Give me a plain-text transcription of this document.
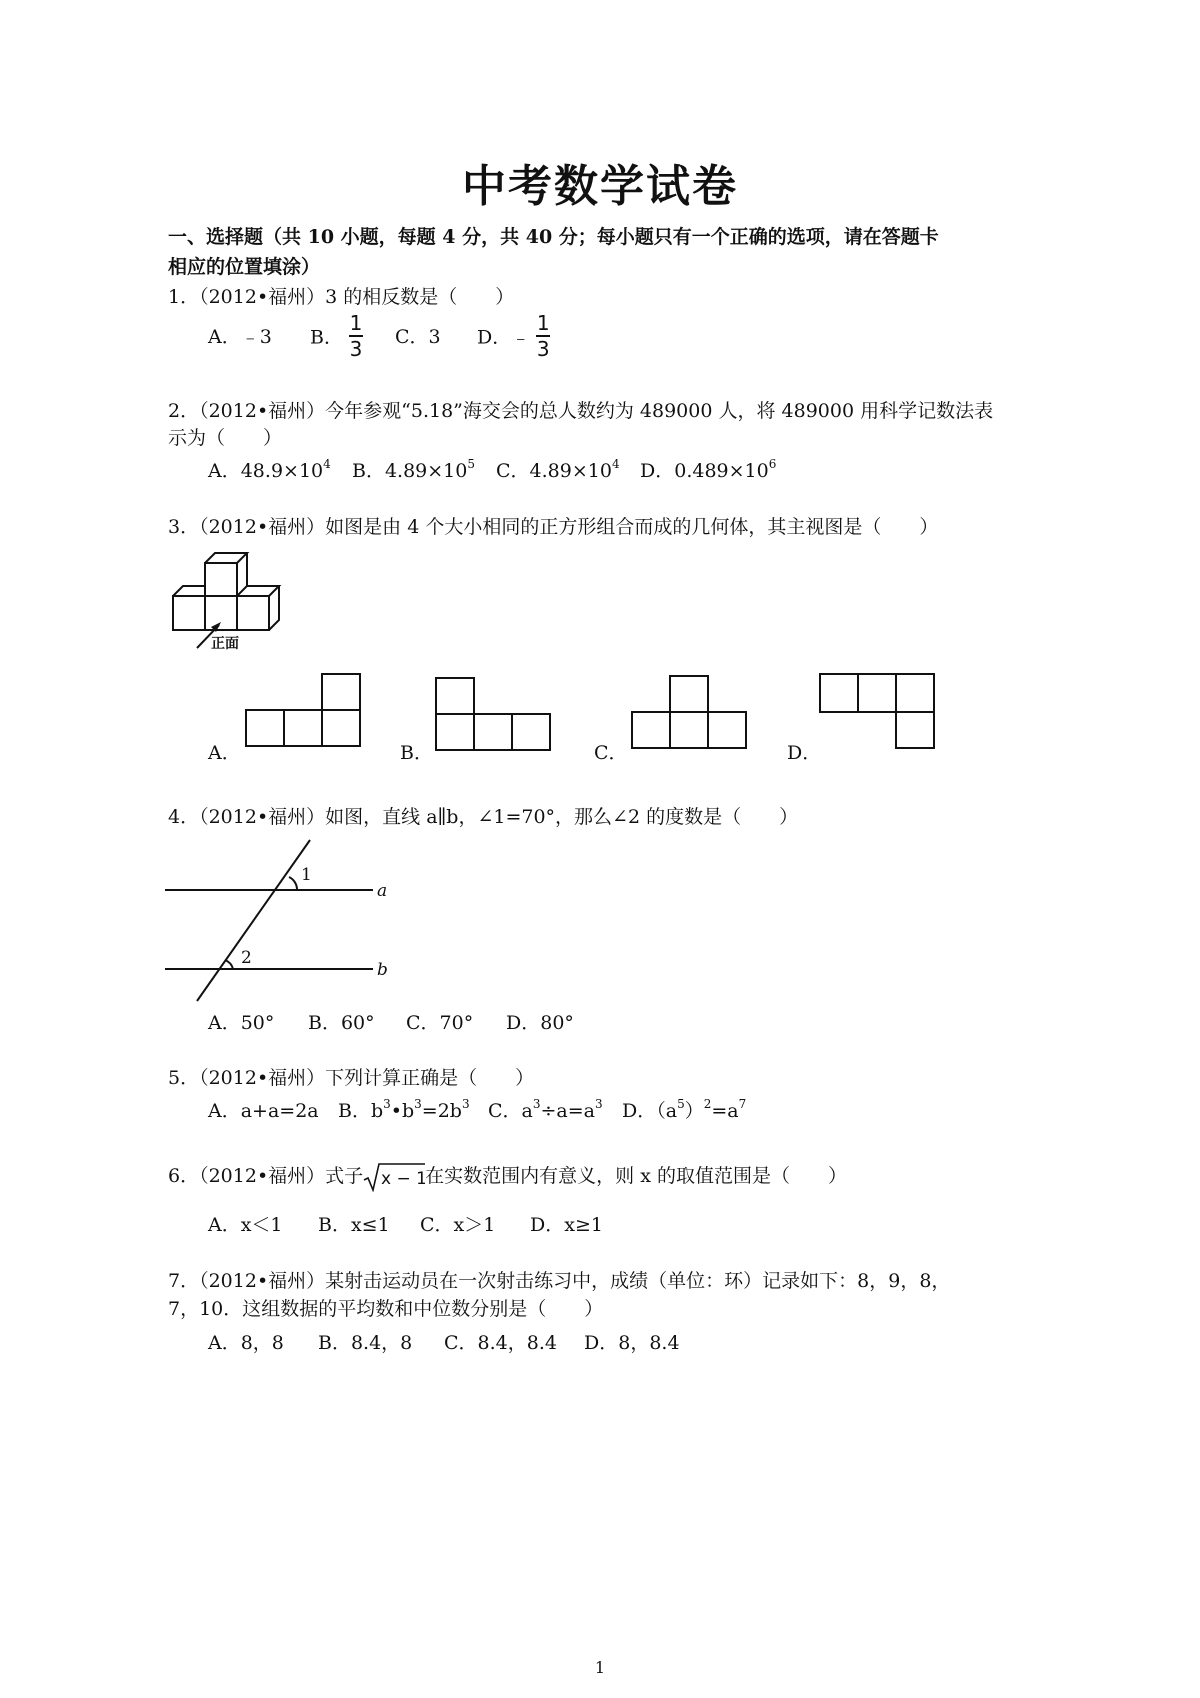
中考数学试卷
一、选择题（共 10 小题，每题 4 分，共 40 分；每小题只有一个正确的选项，请在答题卡
相应的位置填涂）
1．（2012•福州）3 的相反数是（　　）
A．﹣3 B． $\frac{1}{3}$ C．3 D．﹣ $\frac{1}{3}$
2．（2012•福州）今年参观“5.18”海交会的总人数约为 489000 人，将 489000 用科学记数法表
示为（　　）
A．$48.9\times 10^4$ B．$4.89\times 10^5$ C．$4.89\times 10^4$ D．$0.489\times 10^6$
3．（2012•福州）如图是由 4 个大小相同的正方形组合而成的几何体，其主视图是（　　）
正面
A．	B．	C．	D．
4．（2012•福州）如图，直线 a∥b，∠1=70°，那么∠2 的度数是（　　）
1
2
a
b
A．50° B．60° C．70° D．80°
5．（2012•福州）下列计算正确是（　　）
A．a+a=2a B．$b^3•b^3=2b^3$ C．$a^3\div a=a^3$ D．$(a^5)^2=a^7$
6．（2012•福州）式子 x − 1
在实数范围内有意义，则 x 的取值范围是（　　）
A．x＜1 B．x≤1 C．x＞1 D．x≥1
7．（2012•福州）某射击运动员在一次射击练习中，成绩（单位：环）记录如下：8，9，8，
7，10．这组数据的平均数和中位数分别是（　　）
A．8，8 B．8.4，8 C．8.4，8.4 D．8，8.4
1
